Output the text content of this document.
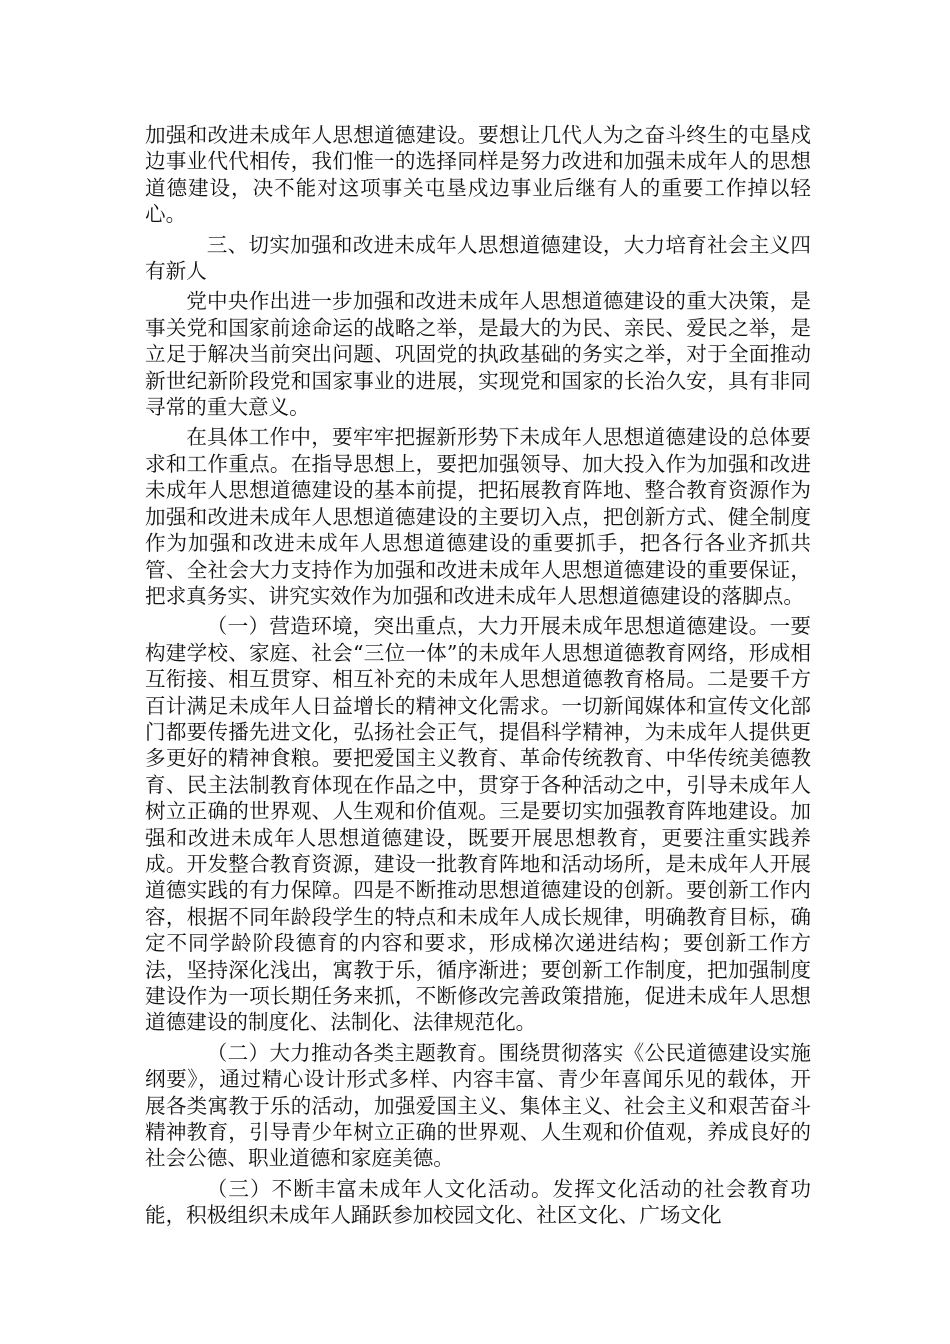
加强和改进未成年人思想道德建设。要想让几代人为之奋斗终生的屯垦戍边事业代代相传，我们惟一的选择同样是努力改进和加强未成年人的思想道德建设，决不能对这项事关屯垦戍边事业后继有人的重要工作掉以轻心。

三、切实加强和改进未成年人思想道德建设，大力培育社会主义四有新人

党中央作出进一步加强和改进未成年人思想道德建设的重大决策，是事关党和国家前途命运的战略之举，是最大的为民、亲民、爱民之举，是立足于解决当前突出问题、巩固党的执政基础的务实之举，对于全面推动新世纪新阶段党和国家事业的进展，实现党和国家的长治久安，具有非同寻常的重大意义。

在具体工作中，要牢牢把握新形势下未成年人思想道德建设的总体要求和工作重点。在指导思想上，要把加强领导、加大投入作为加强和改进未成年人思想道德建设的基本前提，把拓展教育阵地、整合教育资源作为加强和改进未成年人思想道德建设的主要切入点，把创新方式、健全制度作为加强和改进未成年人思想道德建设的重要抓手，把各行各业齐抓共管、全社会大力支持作为加强和改进未成年人思想道德建设的重要保证，把求真务实、讲究实效作为加强和改进未成年人思想道德建设的落脚点。

（一）营造环境，突出重点，大力开展未成年思想道德建设。一要构建学校、家庭、社会“三位一体”的未成年人思想道德教育网络，形成相互衔接、相互贯穿、相互补充的未成年人思想道德教育格局。二是要千方百计满足未成年人日益增长的精神文化需求。一切新闻媒体和宣传文化部门都要传播先进文化，弘扬社会正气，提倡科学精神，为未成年人提供更多更好的精神食粮。要把爱国主义教育、革命传统教育、中华传统美德教育、民主法制教育体现在作品之中，贯穿于各种活动之中，引导未成年人树立正确的世界观、人生观和价值观。三是要切实加强教育阵地建设。加强和改进未成年人思想道德建设，既要开展思想教育，更要注重实践养成。开发整合教育资源，建设一批教育阵地和活动场所，是未成年人开展道德实践的有力保障。四是不断推动思想道德建设的创新。要创新工作内容，根据不同年龄段学生的特点和未成年人成长规律，明确教育目标，确定不同学龄阶段德育的内容和要求，形成梯次递进结构；要创新工作方法，坚持深化浅出，寓教于乐，循序渐进；要创新工作制度，把加强制度建设作为一项长期任务来抓，不断修改完善政策措施，促进未成年人思想道德建设的制度化、法制化、法律规范化。

（二）大力推动各类主题教育。围绕贯彻落实《公民道德建设实施纲要》，通过精心设计形式多样、内容丰富、青少年喜闻乐见的载体，开展各类寓教于乐的活动，加强爱国主义、集体主义、社会主义和艰苦奋斗精神教育，引导青少年树立正确的世界观、人生观和价值观，养成良好的社会公德、职业道德和家庭美德。

（三）不断丰富未成年人文化活动。发挥文化活动的社会教育功能，积极组织未成年人踊跃参加校园文化、社区文化、广场文化
